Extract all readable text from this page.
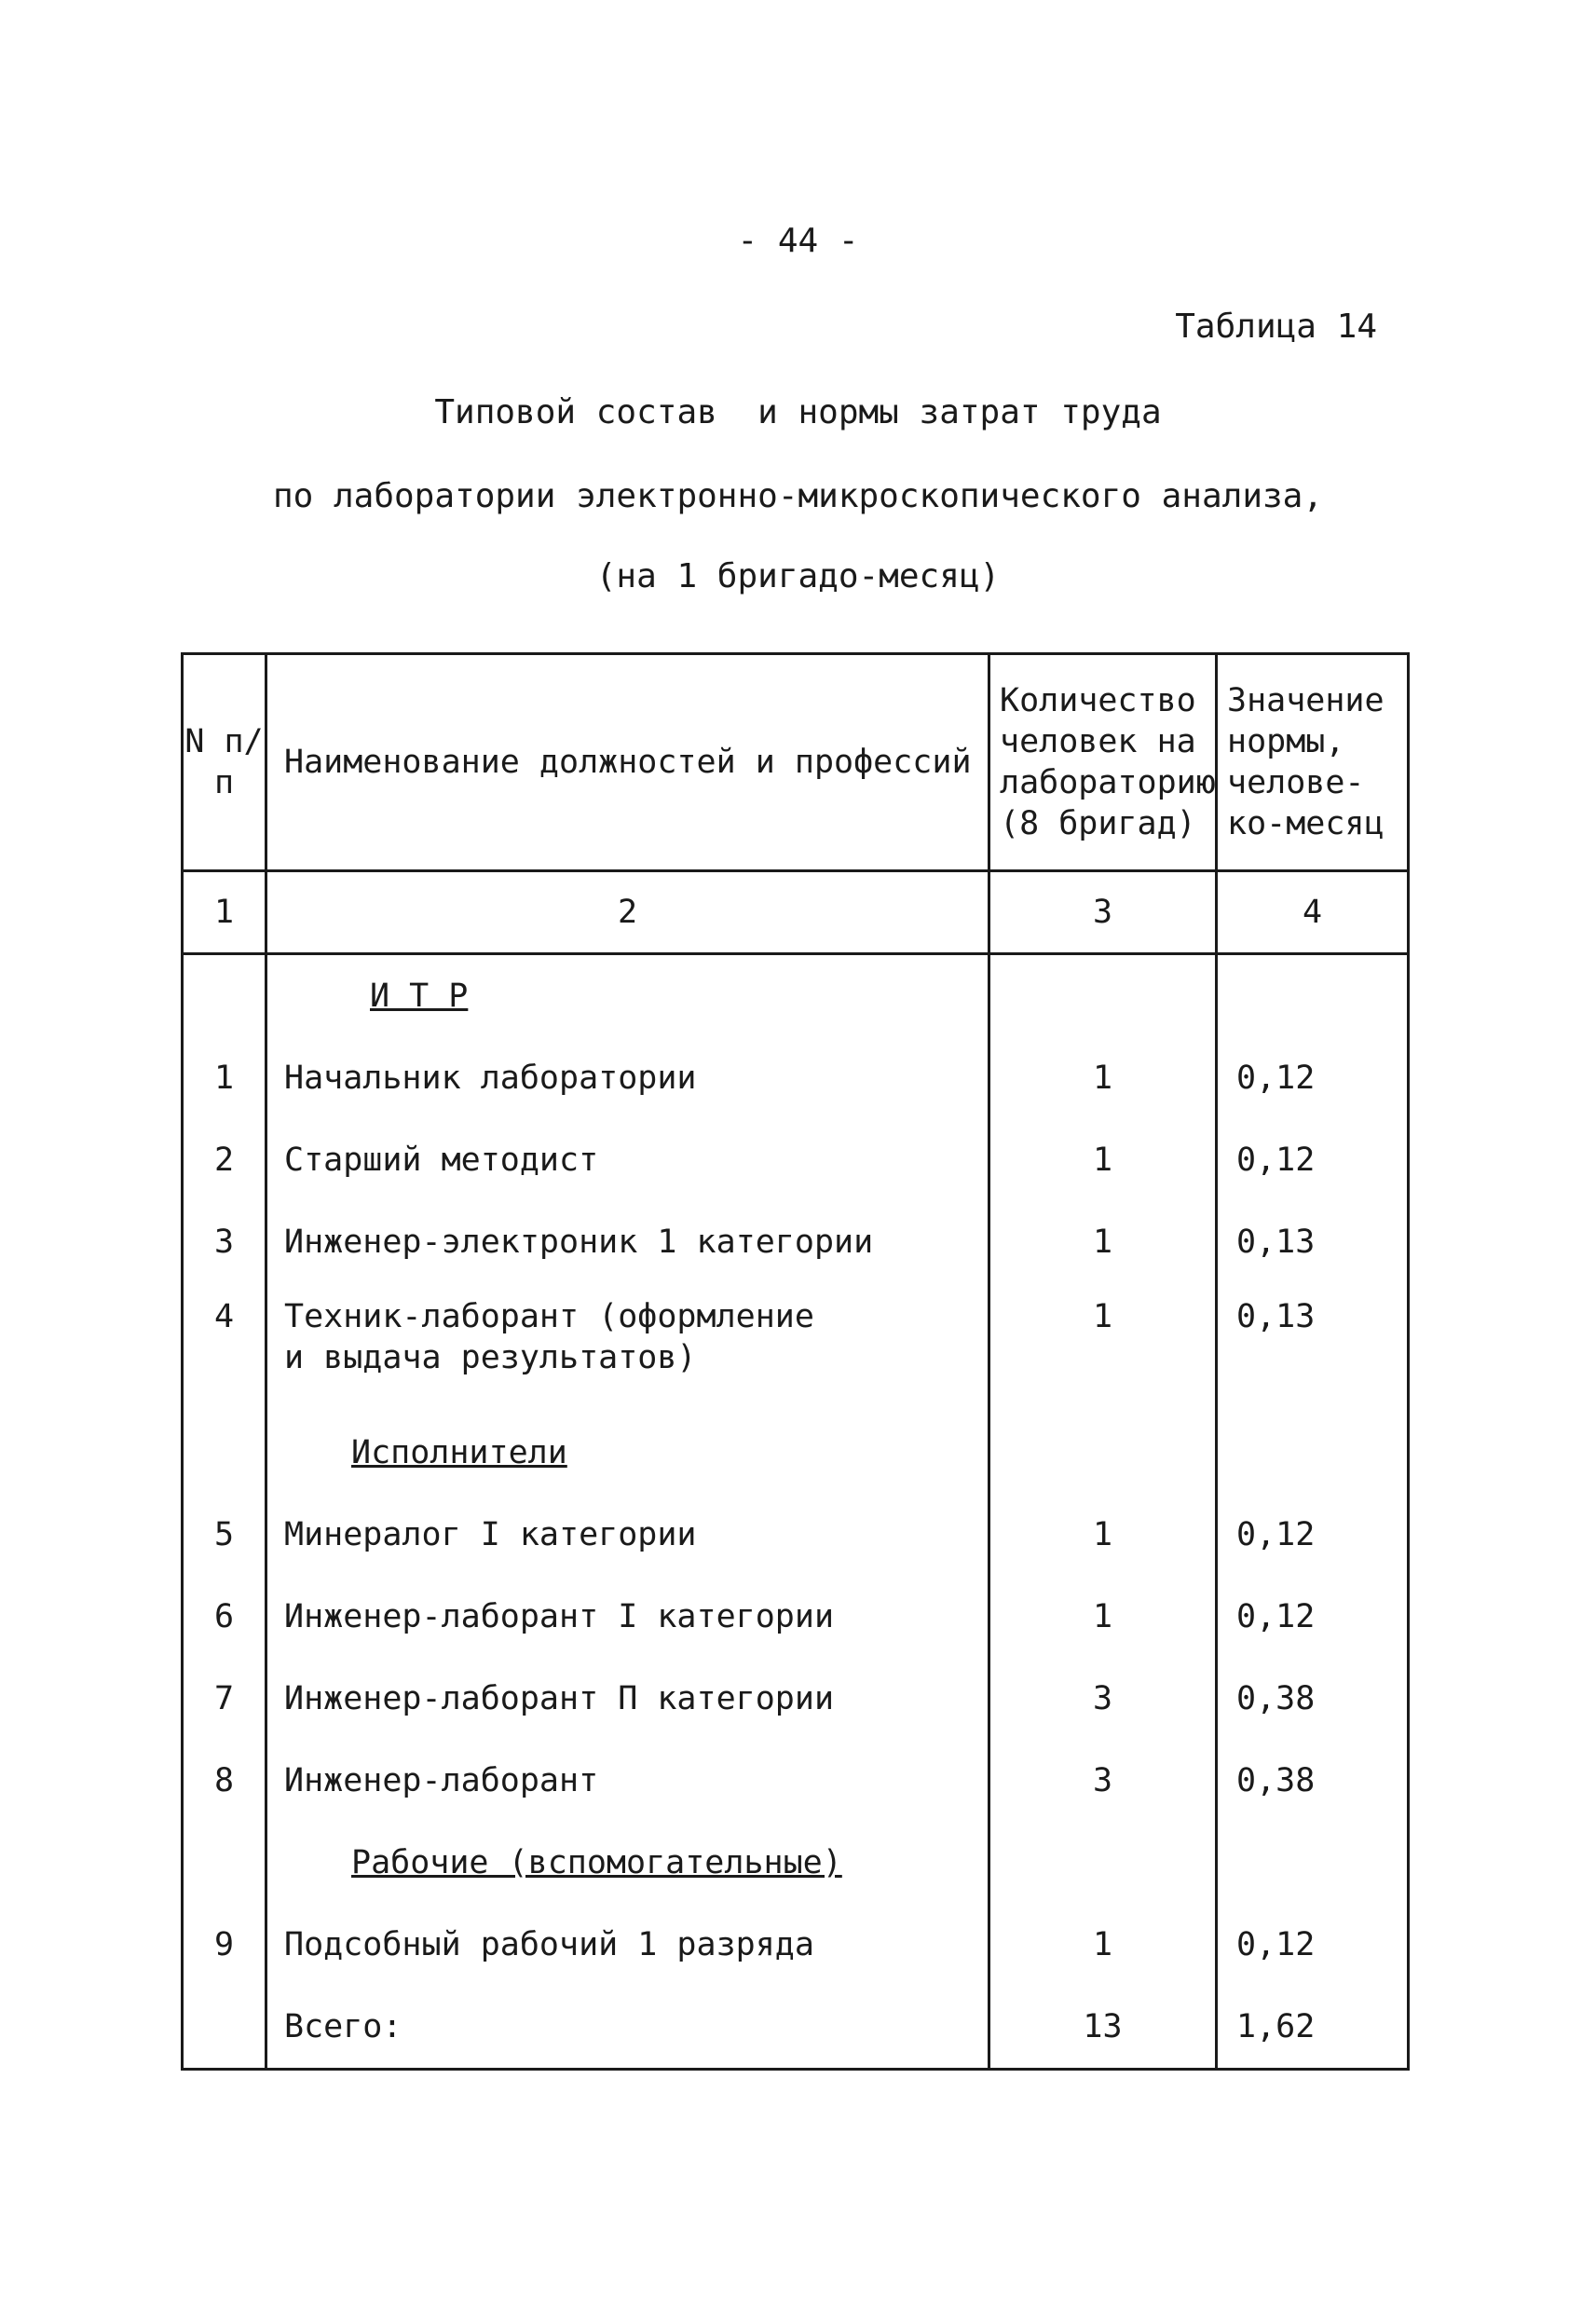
- 44 -
Таблица 14
Типовой состав  и нормы затрат труда
по лаборатории электронно-микроскопического анализа,
(на 1 бригадо-месяц)
N п/п	Наименование должностей и профессий	Количество человек на лабораторию (8 бригад)	Значение нормы, челове-ко-месяц
1	2	3	4
	И Т Р		
1	Начальник лаборатории	1	0,12
2	Старший методист	1	0,12
3	Инженер-электроник 1 категории	1	0,13
4	Техник-лаборант (оформление и выдача результатов)	1	0,13
	Исполнители		
5	Минералог I категории	1	0,12
6	Инженер-лаборант I категории	1	0,12
7	Инженер-лаборант П категории	3	0,38
8	Инженер-лаборант	3	0,38
	Рабочие (вспомогательные)		
9	Подсобный рабочий 1 разряда	1	0,12
	Всего:	13	1,62
